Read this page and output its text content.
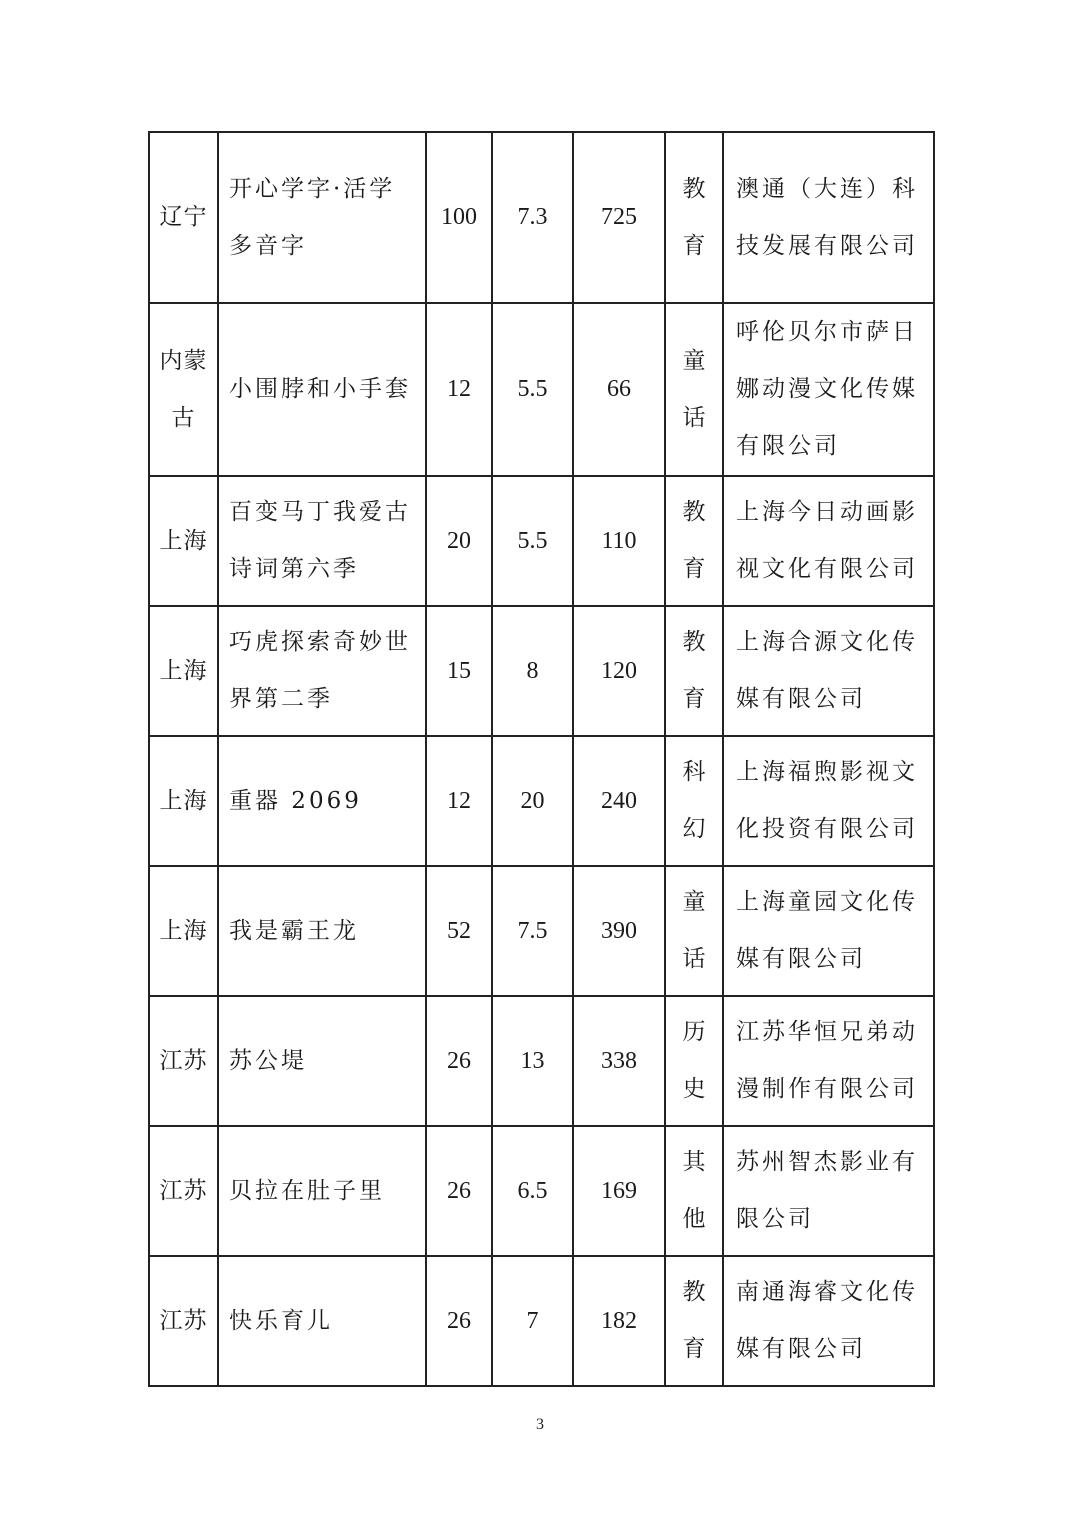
辽宁	开心学字·活学多音字	100	7.3	725	教育	澳通（大连）科技发展有限公司
内蒙古	小围脖和小手套	12	5.5	66	童话	呼伦贝尔市萨日娜动漫文化传媒有限公司
上海	百变马丁我爱古诗词第六季	20	5.5	110	教育	上海今日动画影视文化有限公司
上海	巧虎探索奇妙世界第二季	15	8	120	教育	上海合源文化传媒有限公司
上海	重器 2069	12	20	240	科幻	上海福煦影视文化投资有限公司
上海	我是霸王龙	52	7.5	390	童话	上海童园文化传媒有限公司
江苏	苏公堤	26	13	338	历史	江苏华恒兄弟动漫制作有限公司
江苏	贝拉在肚子里	26	6.5	169	其他	苏州智杰影业有限公司
江苏	快乐育儿	26	7	182	教育	南通海睿文化传媒有限公司
3
